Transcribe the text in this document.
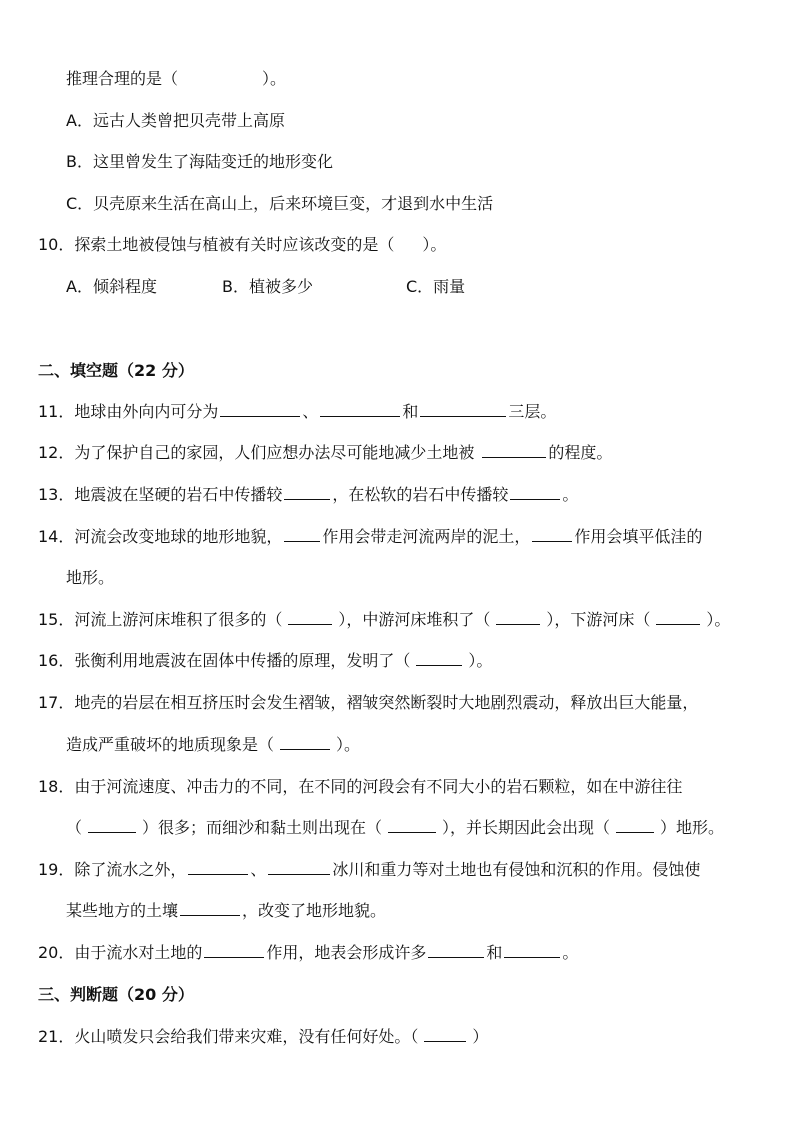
推理合理的是（	）。
A．远古人类曾把贝壳带上高原
B．这里曾发生了海陆变迁的地形变化
C．贝壳原来生活在高山上，后来环境巨变，才退到水中生活
10．探索土地被侵蚀与植被有关时应该改变的是（ ）。
A．倾斜程度	B．植被多少	C．雨量
二、填空题（22 分）
11．地球由外向内可分为	、	和	三层。
12．为了保护自己的家园，人们应想办法尽可能地减少土地被	的程度。
13．地震波在坚硬的岩石中传播较	，在松软的岩石中传播较	。
14．河流会改变地球的地形地貌，	作用会带走河流两岸的泥土，	作用会填平低洼的
地形。
15．河流上游河床堆积了很多的（	），中游河床堆积了（	），下游河床（	）。
16．张衡利用地震波在固体中传播的原理，发明了（	）。
17．地壳的岩层在相互挤压时会发生褶皱，褶皱突然断裂时大地剧烈震动，释放出巨大能量，
造成严重破坏的地质现象是（	）。
18．由于河流速度、冲击力的不同，在不同的河段会有不同大小的岩石颗粒，如在中游往往
（	）很多；而细沙和黏土则出现在（	），并长期因此会出现（	）地形。
19．除了流水之外，	、	冰川和重力等对土地也有侵蚀和沉积的作用。侵蚀使
某些地方的土壤	，改变了地形地貌。
20．由于流水对土地的	作用，地表会形成许多	和	。
三、判断题（20 分）
21．火山喷发只会给我们带来灾难，没有任何好处。（	）
